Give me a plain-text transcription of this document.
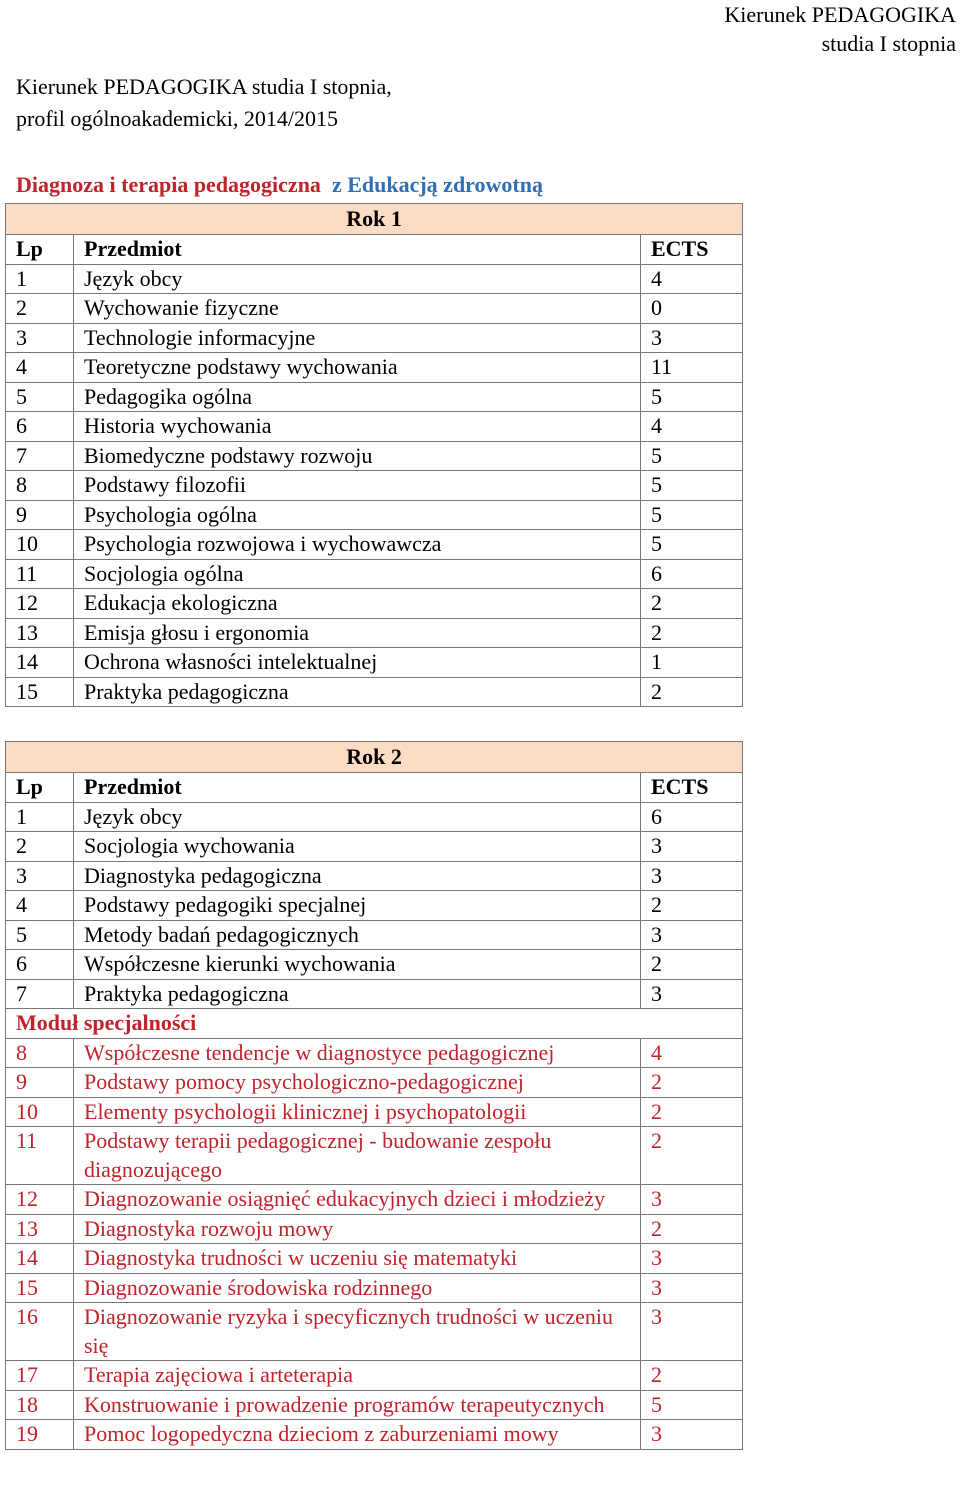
Kierunek PEDAGOGIKA
studia I stopnia
Kierunek PEDAGOGIKA studia I stopnia,
profil ogólnoakademicki, 2014/2015
Diagnoza i terapia pedagogiczna z Edukacją zdrowotną
Rok 1		
Lp	Przedmiot	ECTS
1	Język obcy	4
2	Wychowanie fizyczne	0
3	Technologie informacyjne	3
4	Teoretyczne podstawy wychowania	11
5	Pedagogika ogólna	5
6	Historia wychowania	4
7	Biomedyczne podstawy rozwoju	5
8	Podstawy filozofii	5
9	Psychologia ogólna	5
10	Psychologia rozwojowa i wychowawcza	5
11	Socjologia ogólna	6
12	Edukacja ekologiczna	2
13	Emisja głosu i ergonomia	2
14	Ochrona własności intelektualnej	1
15	Praktyka pedagogiczna	2
Rok 2		
Lp	Przedmiot	ECTS
1	Język obcy	6
2	Socjologia wychowania	3
3	Diagnostyka pedagogiczna	3
4	Podstawy pedagogiki specjalnej	2
5	Metody badań pedagogicznych	3
6	Współczesne kierunki wychowania	2
7	Praktyka pedagogiczna	3
Moduł specjalności		
8	Współczesne tendencje w diagnostyce pedagogicznej	4
9	Podstawy pomocy psychologiczno-pedagogicznej	2
10	Elementy psychologii klinicznej i psychopatologii	2
11	Podstawy terapii pedagogicznej - budowanie zespołu diagnozującego	2
12	Diagnozowanie osiągnięć edukacyjnych dzieci i młodzieży	3
13	Diagnostyka rozwoju mowy	2
14	Diagnostyka trudności w uczeniu się matematyki	3
15	Diagnozowanie środowiska rodzinnego	3
16	Diagnozowanie ryzyka i specyficznych trudności w uczeniu się	3
17	Terapia zajęciowa i arteterapia	2
18	Konstruowanie i prowadzenie programów terapeutycznych	5
19	Pomoc logopedyczna dzieciom z zaburzeniami mowy	3
